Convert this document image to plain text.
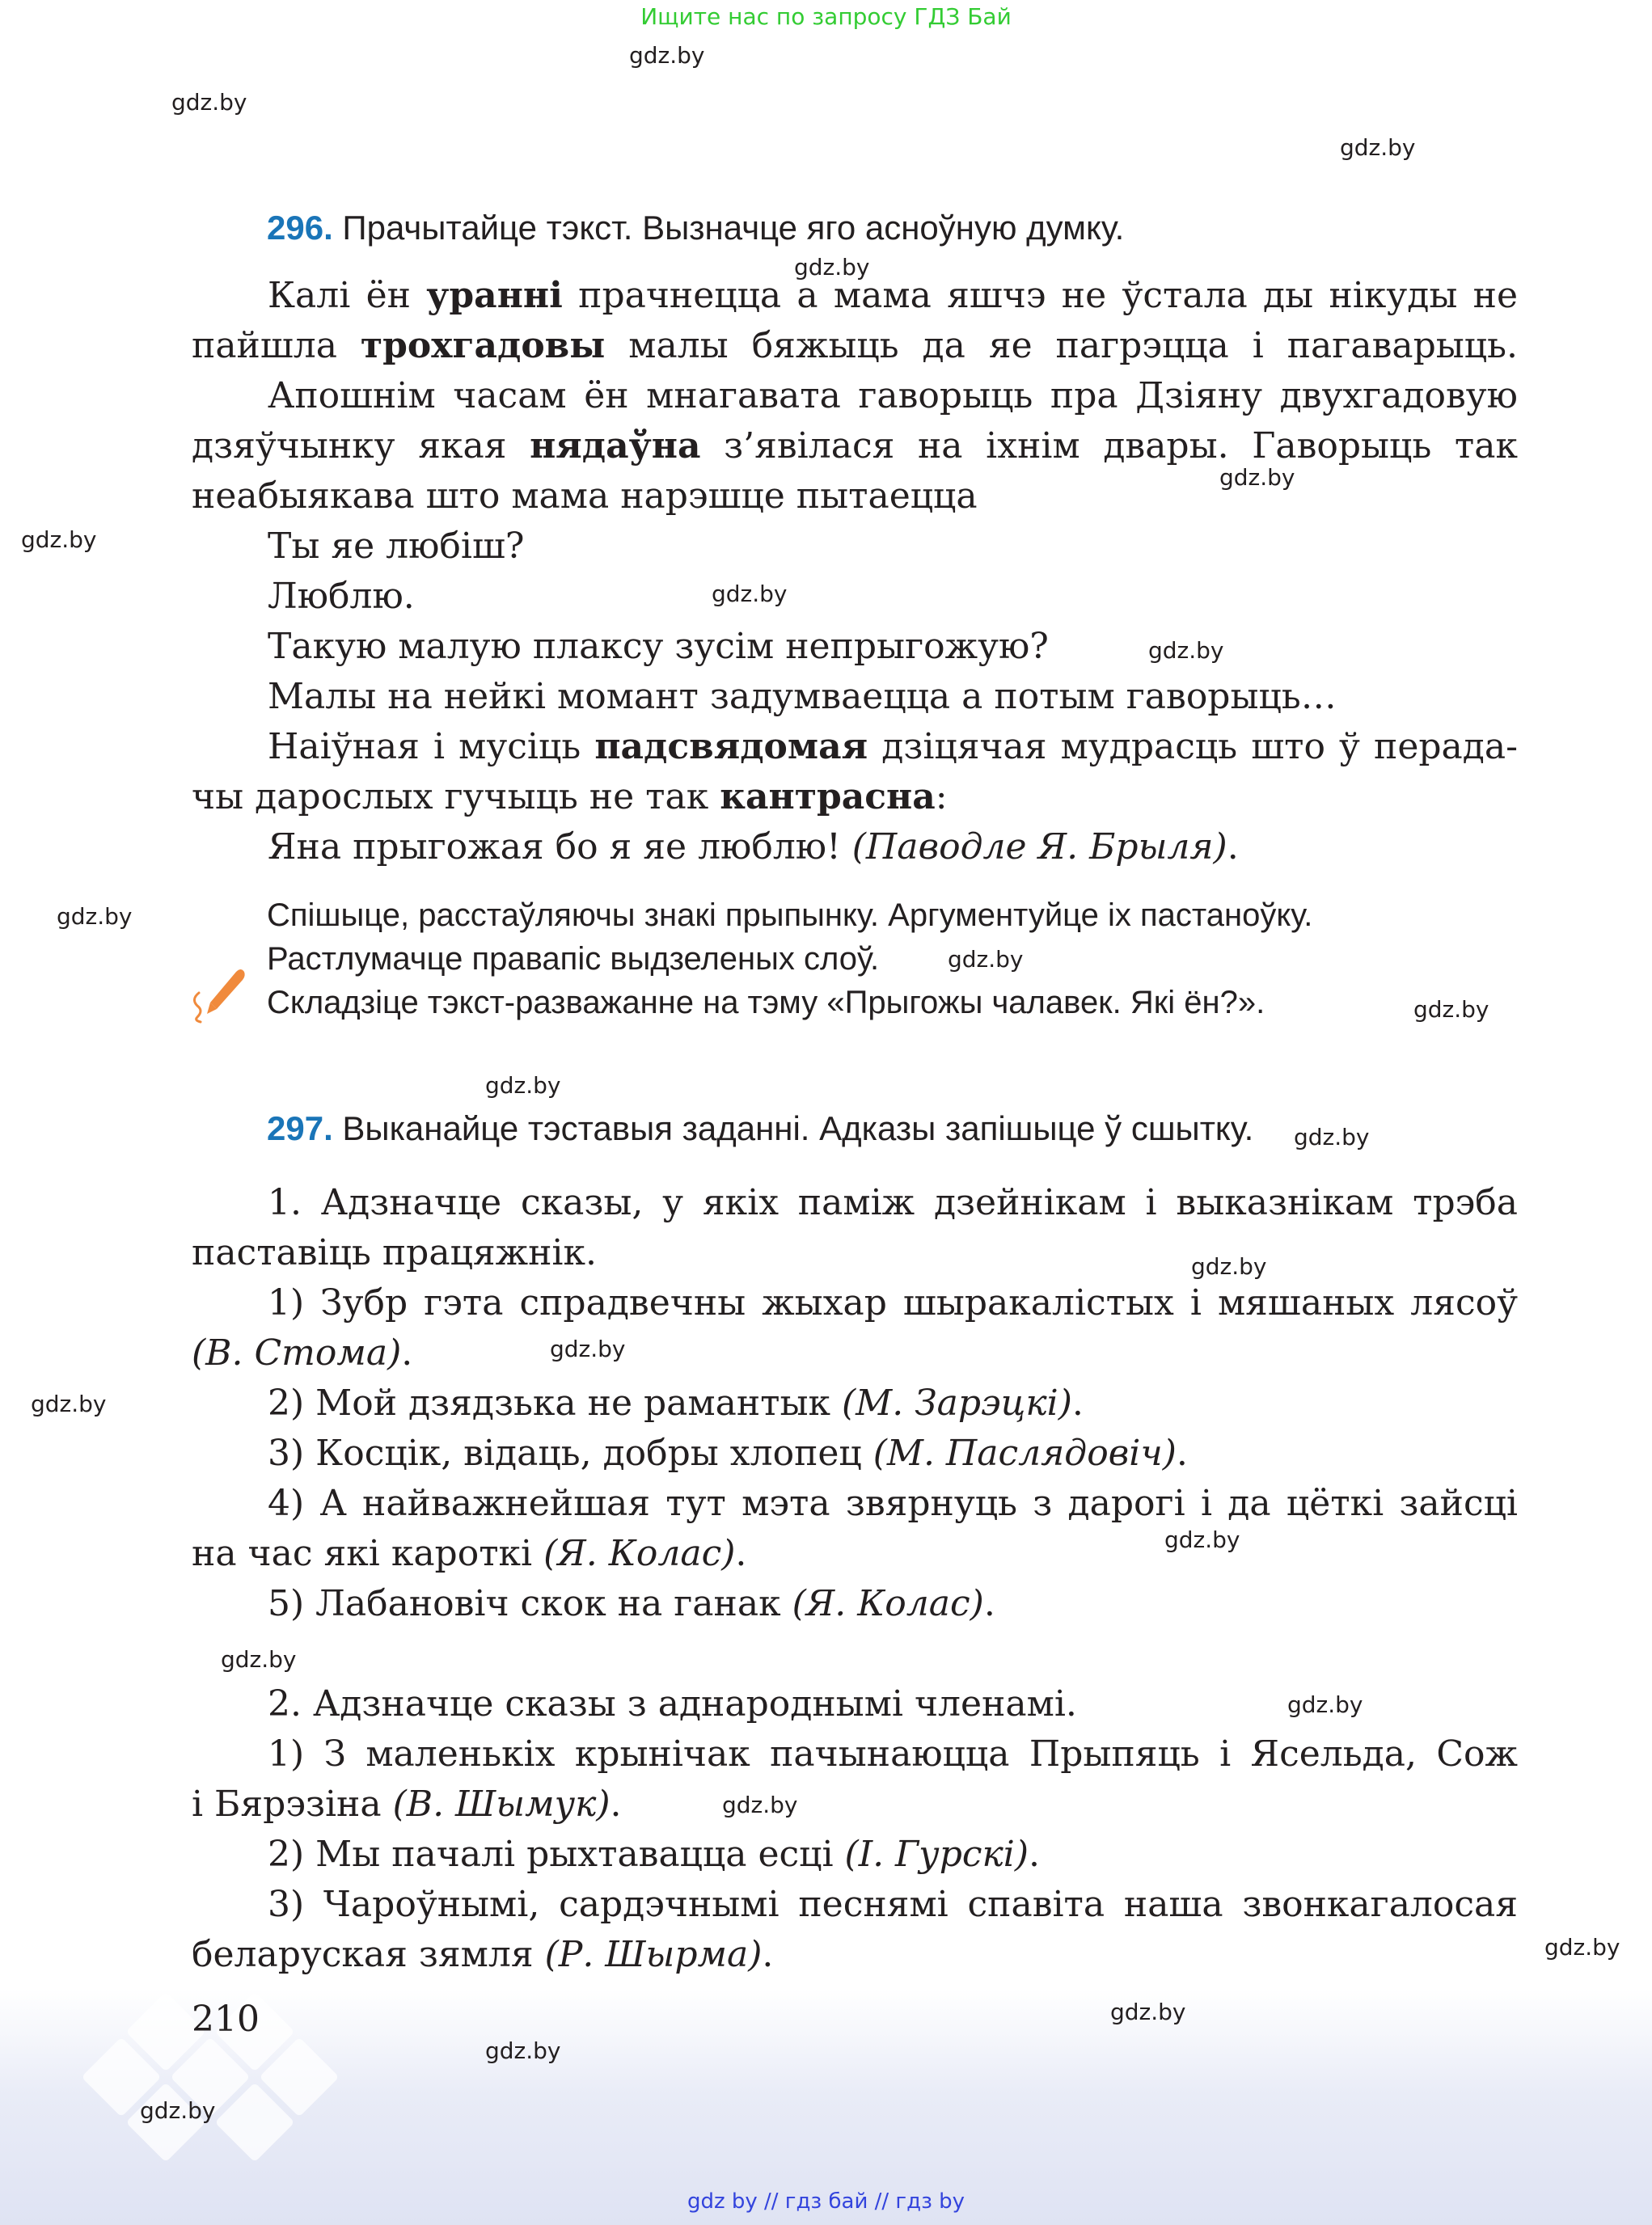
Ищите нас по запросу ГДЗ Бай
gdz.by
gdz.by
gdz.by
gdz.by
gdz.by
gdz.by
gdz.by
gdz.by
gdz.by
gdz.by
gdz.by
gdz.by
gdz.by
gdz.by
gdz.by
gdz.by
gdz.by
gdz.by
gdz.by
gdz.by
gdz.by
gdz.by
gdz.by
gdz.by
296. Прачытайце тэкст. Вызначце яго асноўную думку.
Калі ён уранні прачнецца а мама яшчэ не ўстала ды нікуды не
пайшла трохгадовы малы бяжыць да яе пагрэцца і пагаварыць.
Апошнім часам ён мнагавата гаворыць пра Дзіяну двухгадовую
дзяўчынку якая нядаўна з’явілася на іхнім двары. Гаворыць так
неабыякава што мама нарэшце пытаецца
Ты яе любіш?
Люблю.
Такую малую плаксу зусім непрыгожую?
Малы на нейкі момант задумваецца а потым гаворыць…
Наіўная і мусіць падсвядомая дзіцячая мудрасць што ў перада-
чы дарослых гучыць не так кантрасна:
Яна прыгожая бо я яе люблю! (Паводле Я. Брыля).
Спішыце, расстаўляючы знакі прыпынку. Аргументуйце іх пастаноўку.
Растлумачце правапіс выдзеленых слоў.
Складзіце тэкст-разважанне на тэму «Прыгожы чалавек. Які ён?».
297. Выканайце тэставыя заданні. Адказы запішыце ў сшытку.
1. Адзначце сказы, у якіх паміж дзейнікам і выказнікам трэба
паставіць працяжнік.
1) Зубр гэта спрадвечны жыхар шыракалістых і мяшаных лясоў
(В. Стома).
2) Мой дзядзька не рамантык (М. Зарэцкі).
3) Косцік, відаць, добры хлопец (М. Паслядовіч).
4) А найважнейшая тут мэта звярнуць з дарогі і да цёткі зайсці
на час які кароткі (Я. Колас).
5) Лабановіч скок на ганак (Я. Колас).
2. Адзначце сказы з аднароднымі членамі.
1) З маленькіх крынічак пачынаюцца Прыпяць і Ясельда, Сож
і Бярэзіна (В. Шымук).
2) Мы пачалі рыхтавацца есці (І. Гурскі).
3) Чароўнымі, сардэчнымі песнямі спавіта наша звонкагалосая
беларуская зямля (Р. Шырма).
210
gdz by // гдз бай // гдз by
